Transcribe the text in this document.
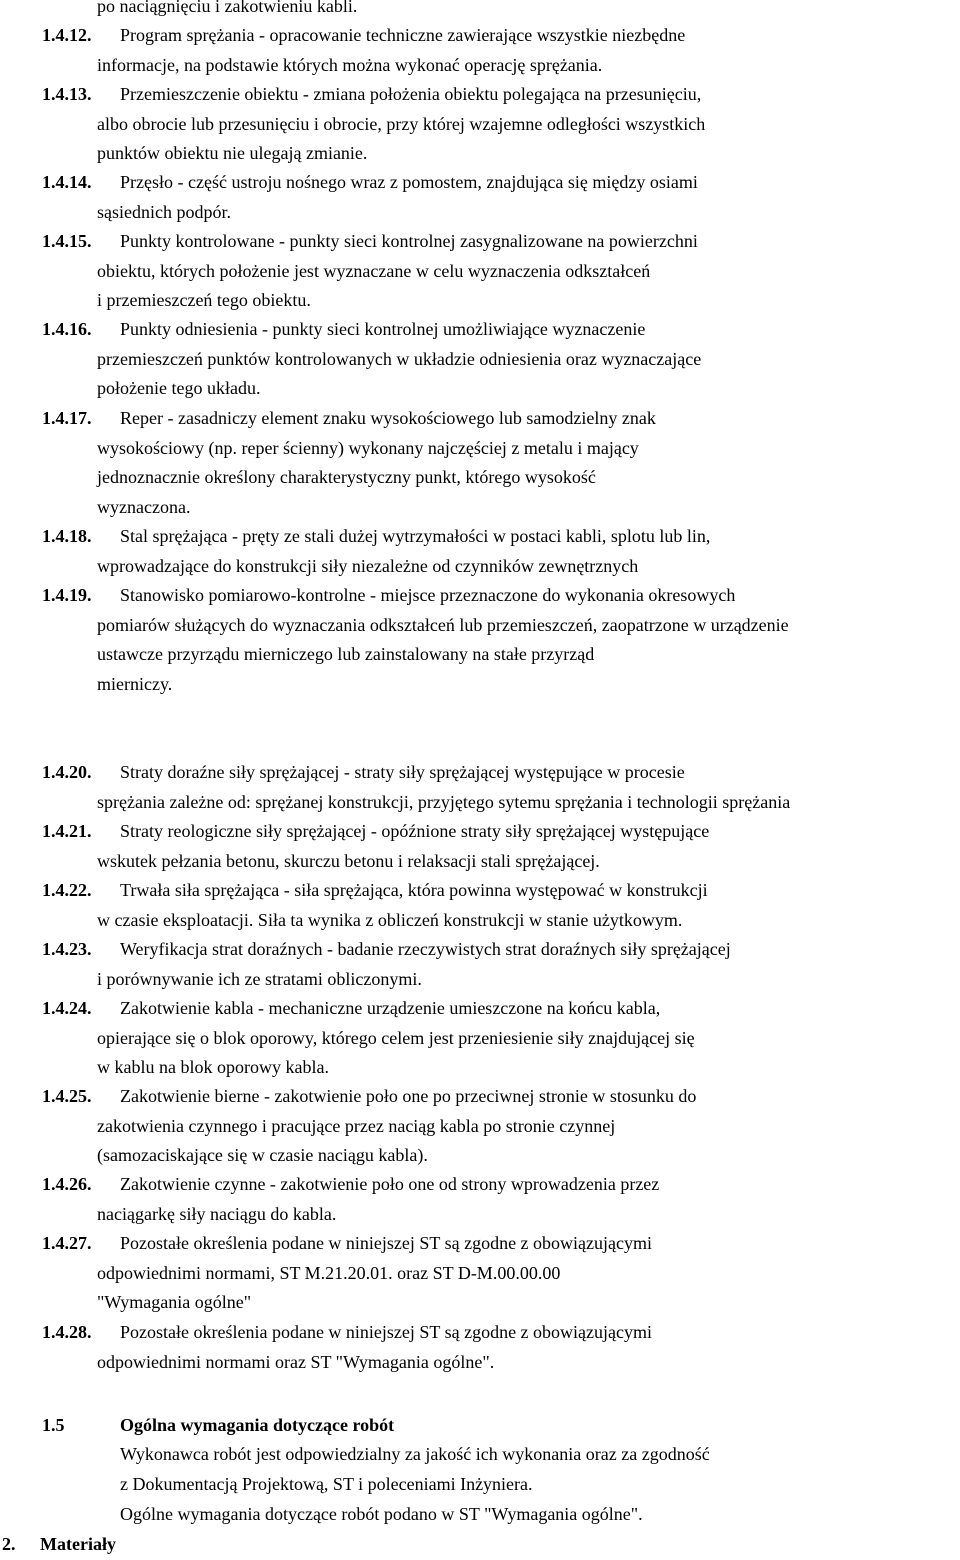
po naciągnięciu i zakotwieniu kabli.

1.4.12. Program sprężania - opracowanie techniczne zawierające wszystkie niezbędne

informacje, na podstawie których można wykonać operację sprężania.

1.4.13. Przemieszczenie obiektu - zmiana położenia obiektu polegająca na przesunięciu,

albo obrocie lub przesunięciu i obrocie, przy której wzajemne odległości wszystkich

punktów obiektu nie ulegają zmianie.

1.4.14. Przęsło - część ustroju nośnego wraz z pomostem, znajdująca się między osiami

sąsiednich podpór.

1.4.15. Punkty kontrolowane - punkty sieci kontrolnej zasygnalizowane na powierzchni

obiektu, których położenie jest wyznaczane w celu wyznaczenia odkształceń

i przemieszczeń tego obiektu.

1.4.16. Punkty odniesienia - punkty sieci kontrolnej umożliwiające wyznaczenie

przemieszczeń punktów kontrolowanych w układzie odniesienia oraz wyznaczające

położenie tego układu.

1.4.17. Reper - zasadniczy element znaku wysokościowego lub samodzielny znak

wysokościowy (np. reper ścienny) wykonany najczęściej z metalu i mający

jednoznacznie określony charakterystyczny punkt, którego wysokość

wyznaczona.

1.4.18. Stal sprężająca - pręty ze stali dużej wytrzymałości w postaci kabli, splotu lub lin,

wprowadzające do konstrukcji siły niezależne od czynników zewnętrznych

1.4.19. Stanowisko pomiarowo-kontrolne - miejsce przeznaczone do wykonania okresowych

pomiarów służących do wyznaczania odkształceń lub przemieszczeń, zaopatrzone w urządzenie

ustawcze przyrządu mierniczego lub zainstalowany na stałe przyrząd

mierniczy.

1.4.20. Straty doraźne siły sprężającej - straty siły sprężającej występujące w procesie

sprężania zależne od: sprężanej konstrukcji, przyjętego sytemu sprężania i technologii sprężania

1.4.21. Straty reologiczne siły sprężającej - opóźnione straty siły sprężającej występujące

wskutek pełzania betonu, skurczu betonu i relaksacji stali sprężającej.

1.4.22. Trwała siła sprężająca - siła sprężająca, która powinna występować w konstrukcji

w czasie eksploatacji. Siła ta wynika z obliczeń konstrukcji w stanie użytkowym.

1.4.23. Weryfikacja strat doraźnych - badanie rzeczywistych strat doraźnych siły sprężającej

i porównywanie ich ze stratami obliczonymi.

1.4.24. Zakotwienie kabla - mechaniczne urządzenie umieszczone na końcu kabla,

opierające się o blok oporowy, którego celem jest przeniesienie siły znajdującej się

w kablu na blok oporowy kabla.

1.4.25. Zakotwienie bierne - zakotwienie poło one po przeciwnej stronie w stosunku do

zakotwienia czynnego i pracujące przez naciąg kabla po stronie czynnej

(samozaciskające się w czasie naciągu kabla).

1.4.26. Zakotwienie czynne - zakotwienie poło one od strony wprowadzenia przez

naciągarkę siły naciągu do kabla.

1.4.27. Pozostałe określenia podane w niniejszej ST są zgodne z obowiązującymi

odpowiednimi normami, ST M.21.20.01. oraz ST D-M.00.00.00

"Wymagania ogólne"

1.4.28. Pozostałe określenia podane w niniejszej ST są zgodne z obowiązującymi

odpowiednimi normami oraz ST "Wymagania ogólne".

1.5	Ogólna wymagania dotyczące robót

Wykonawca robót jest odpowiedzialny za jakość ich wykonania oraz za zgodność

z Dokumentacją Projektową, ST i poleceniami Inżyniera.

Ogólne wymagania dotyczące robót podano w ST "Wymagania ogólne".

2. Materiały
